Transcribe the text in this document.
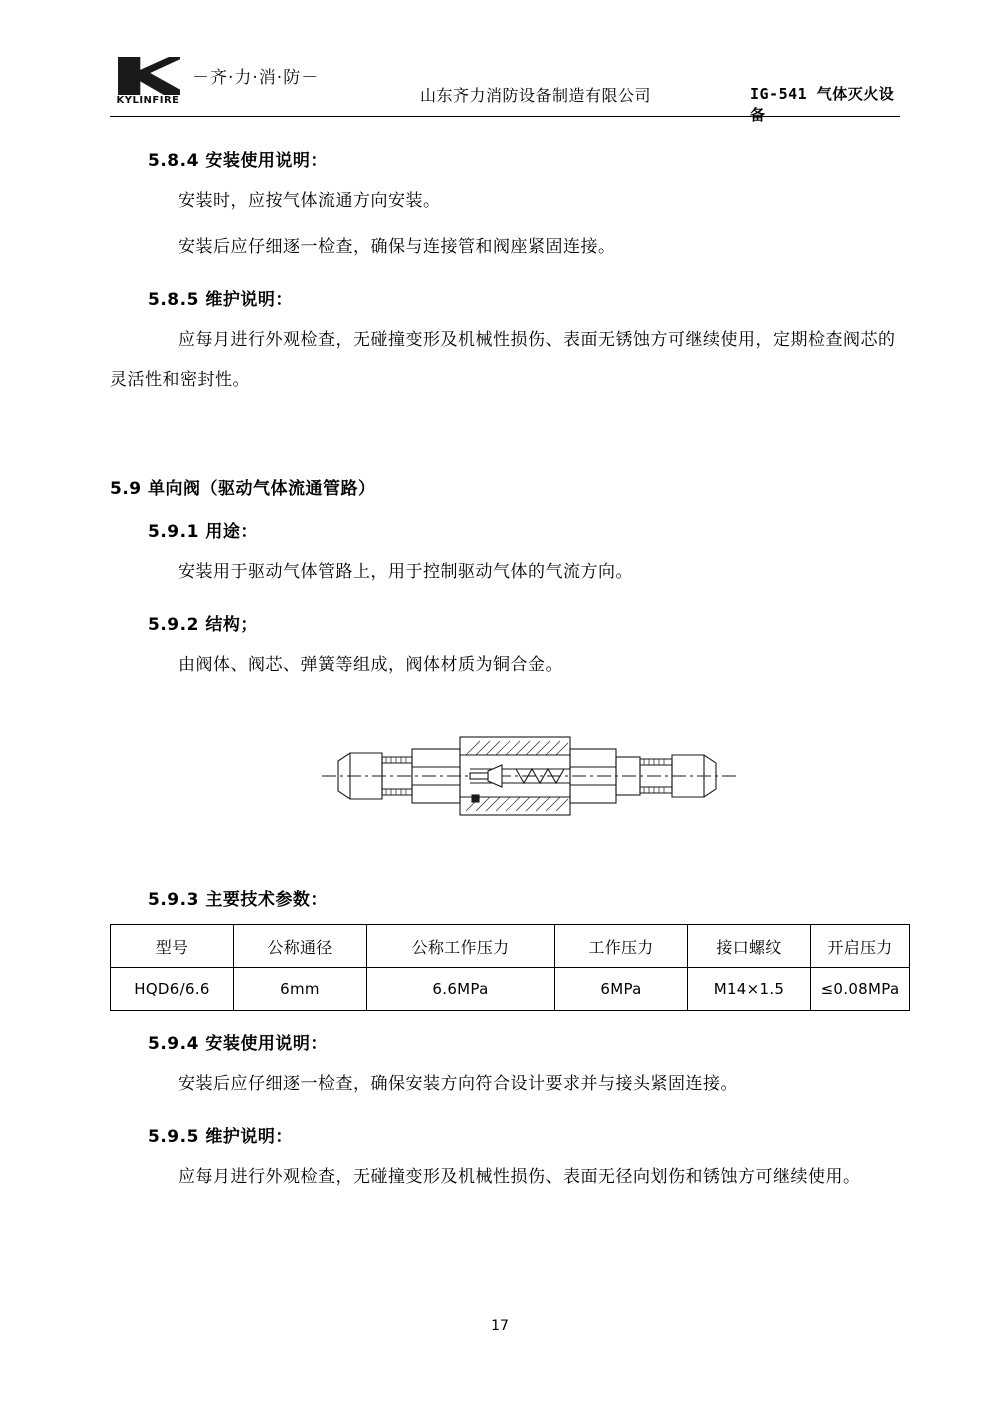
KYLINFIRE
－齐·力·消·防－
山东齐力消防设备制造有限公司	IG-541 气体灭火设备
5.8.4 安装使用说明：

安装时，应按气体流通方向安装。

安装后应仔细逐一检查，确保与连接管和阀座紧固连接。

5.8.5 维护说明：

应每月进行外观检查，无碰撞变形及机械性损伤、表面无锈蚀方可继续使用，定期检查阀芯的灵活性和密封性。

5.9 单向阀（驱动气体流通管路）
5.9.1 用途：

安装用于驱动气体管路上，用于控制驱动气体的气流方向。

5.9.2 结构；

由阀体、阀芯、弹簧等组成，阀体材质为铜合金。

5.9.3 主要技术参数：
型号	公称通径	公称工作压力	工作压力	接口螺纹	开启压力
HQD6/6.6	6mm	6.6MPa	6MPa	M14×1.5	≤0.08MPa
5.9.4 安装使用说明：

安装后应仔细逐一检查，确保安装方向符合设计要求并与接头紧固连接。

5.9.5 维护说明：

应每月进行外观检查，无碰撞变形及机械性损伤、表面无径向划伤和锈蚀方可继续使用。

17
